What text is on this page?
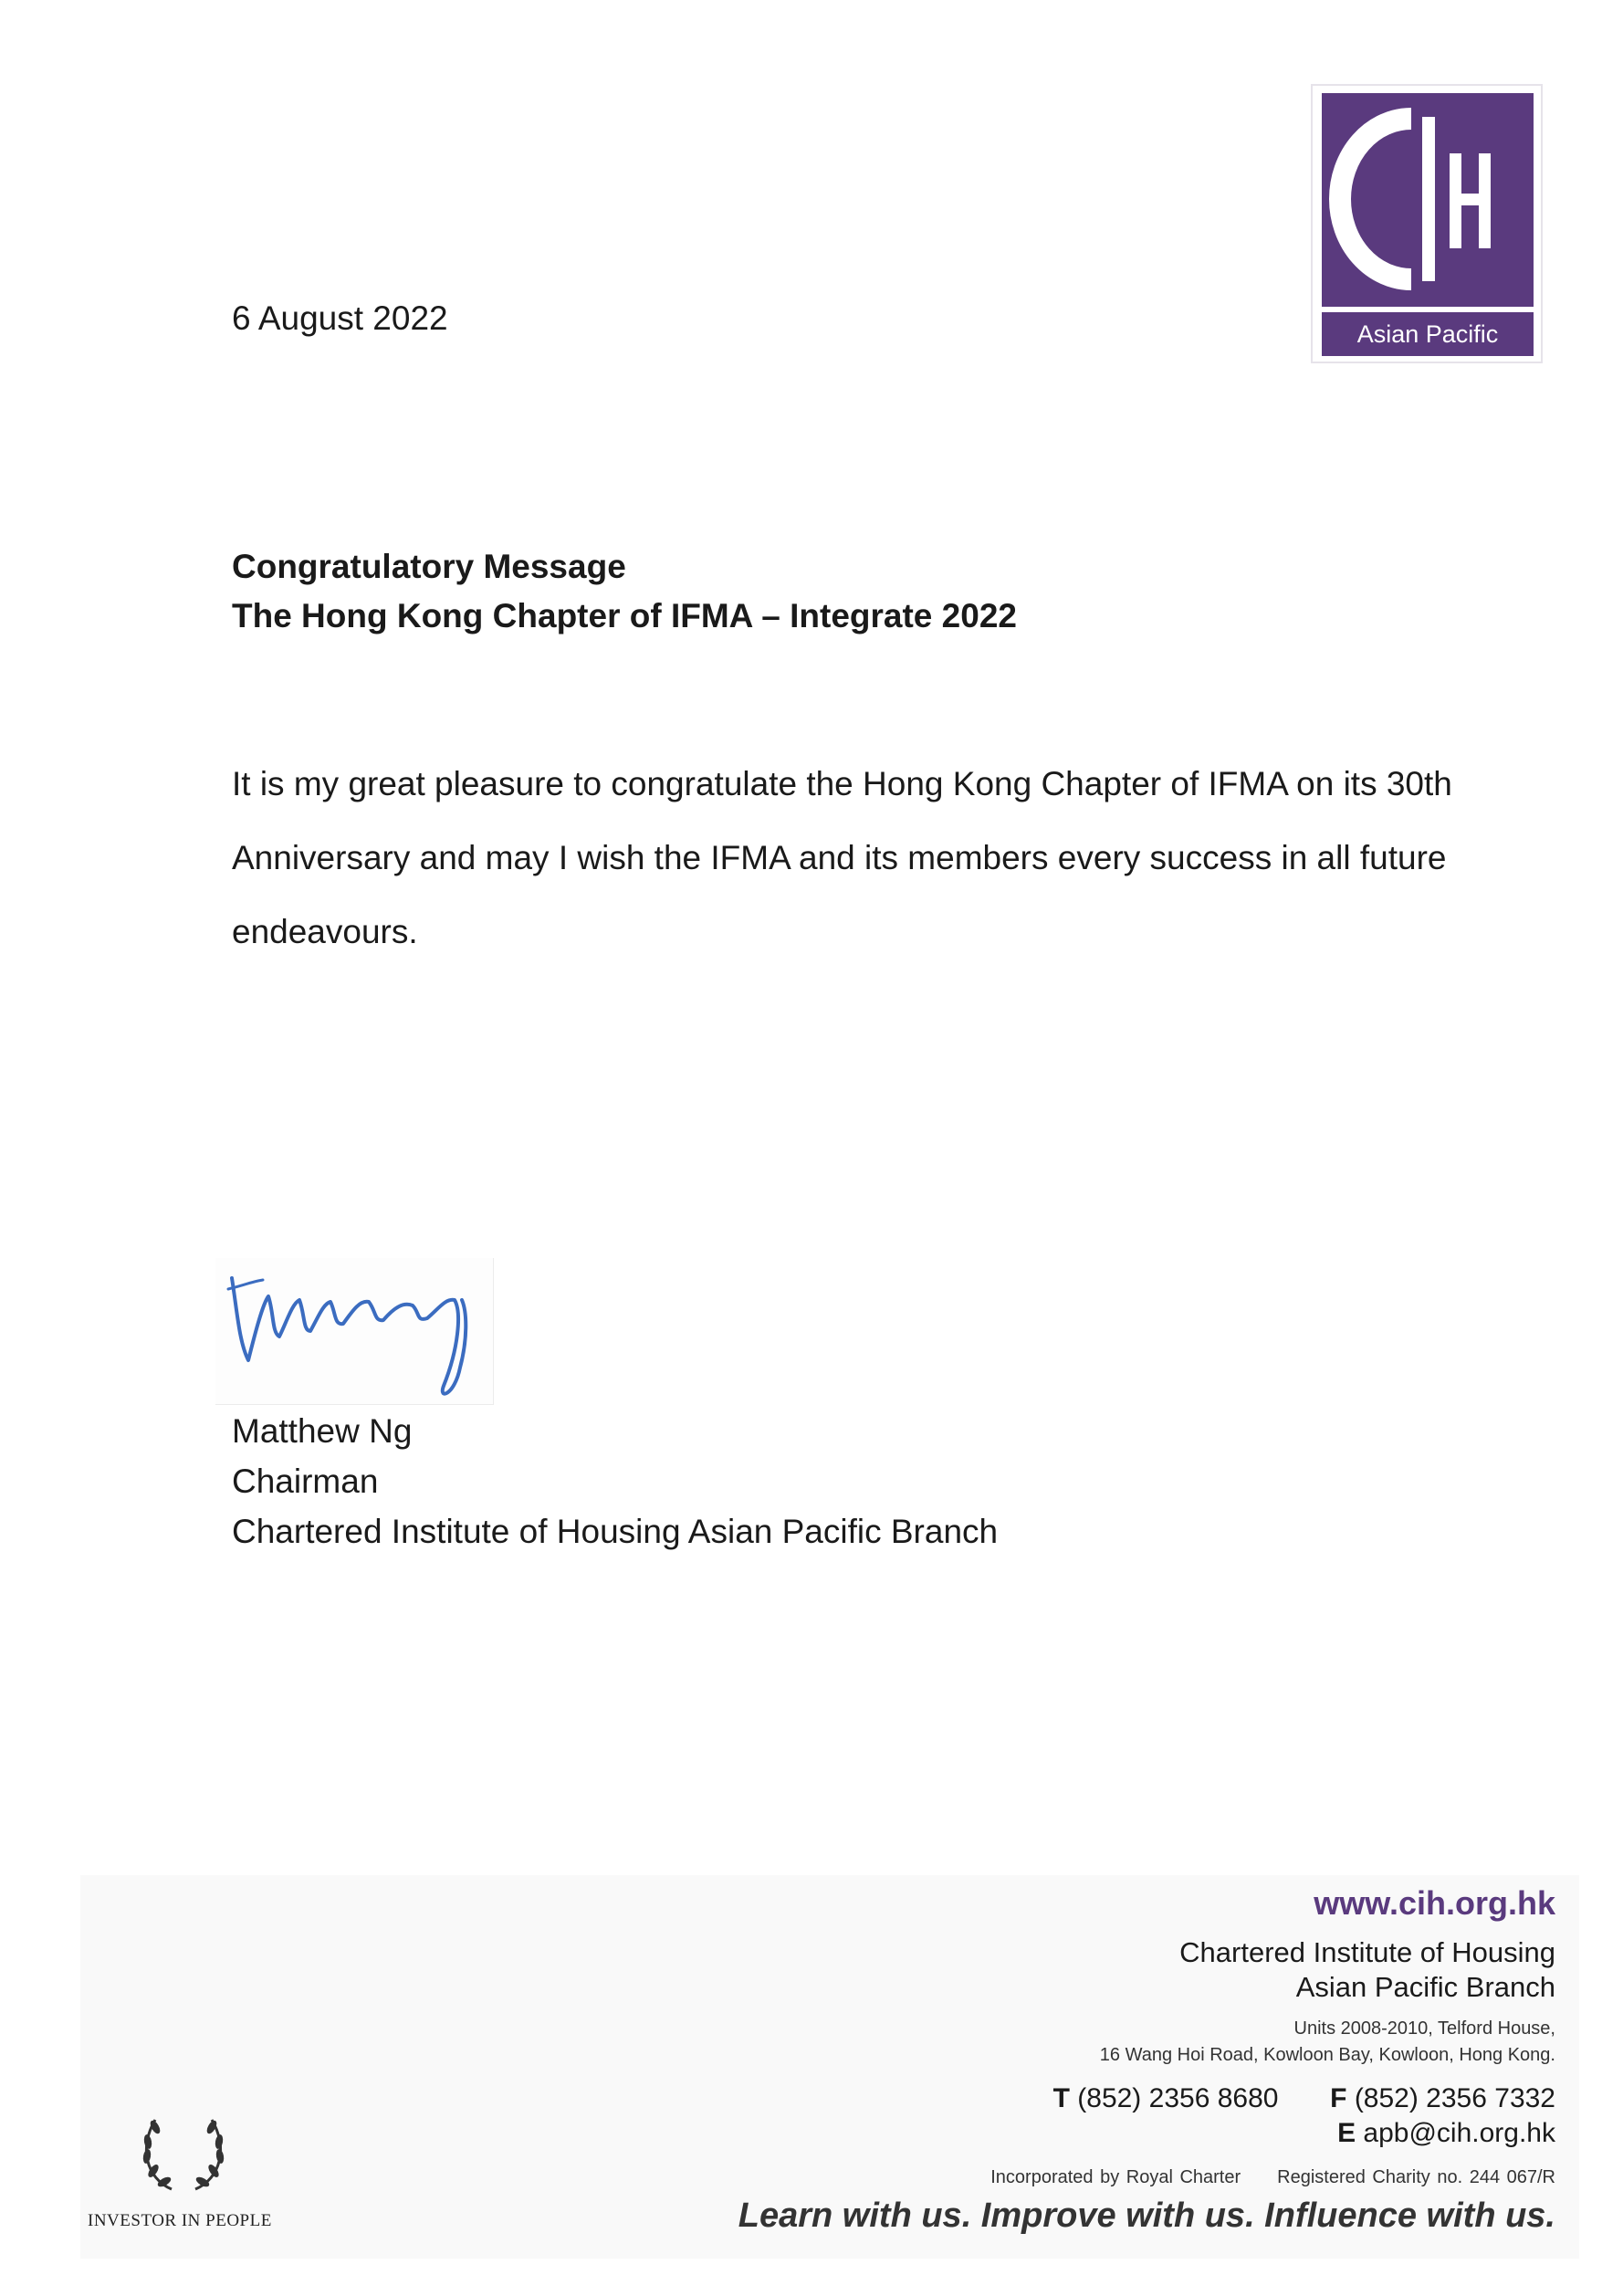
Asian Pacific
6 August 2022
Congratulatory Message
The Hong Kong Chapter of IFMA – Integrate 2022
It is my great pleasure to congratulate the Hong Kong Chapter of IFMA on its 30th Anniversary and may I wish the IFMA and its members every success in all future endeavours.
Matthew Ng
Chairman
Chartered Institute of Housing Asian Pacific Branch
www.cih.org.hk
Chartered Institute of Housing
Asian Pacific Branch
Units 2008-2010, Telford House,
16 Wang Hoi Road, Kowloon Bay, Kowloon, Hong Kong.
T (852) 2356 8680 F (852) 2356 7332
E apb@cih.org.hk
Incorporated by Royal Charter Registered Charity no. 244 067/R
Learn with us. Improve with us. Influence with us.
INVESTOR IN PEOPLE
